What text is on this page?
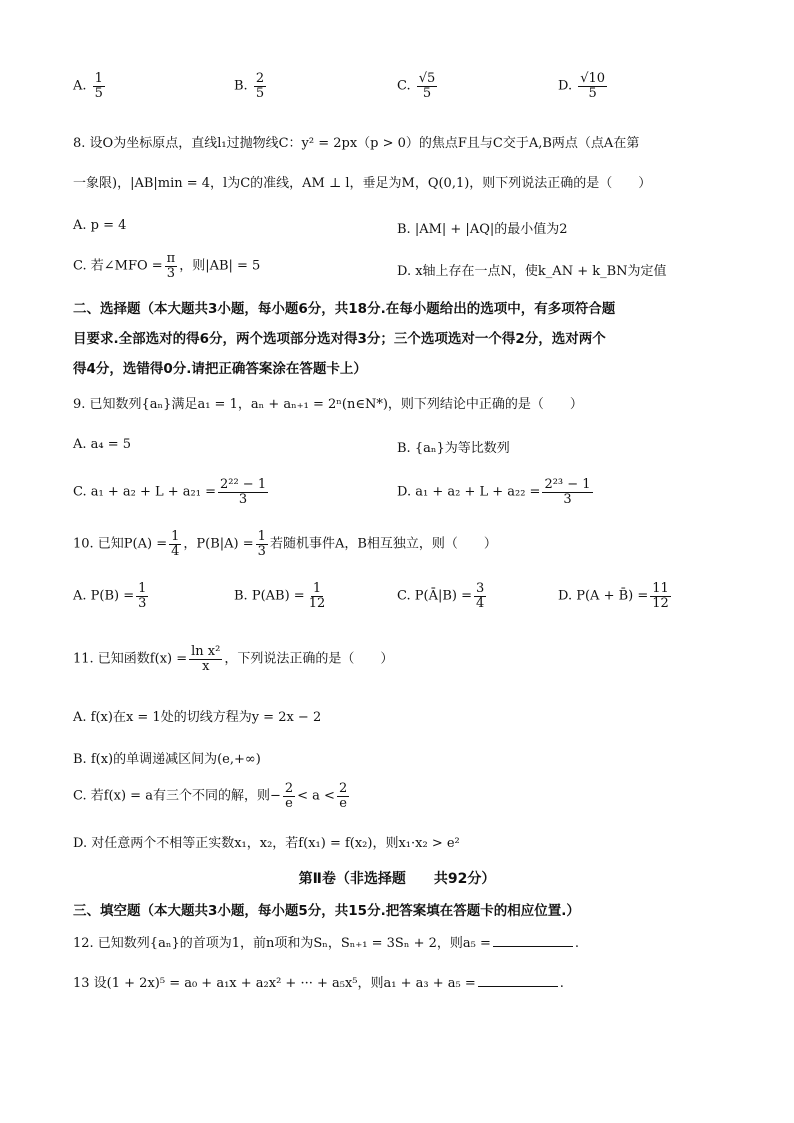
A. $\frac{1}{5}$	B. $\frac{2}{5}$	C. $\frac{√5}{5}$	D. $\frac{√10}{5}$
8. 设O为坐标原点，直线l₁过抛物线C：y² = 2px（p > 0）的焦点F且与C交于A,B两点（点A在第
一象限)，|AB|min = 4，l为C的准线，AM ⊥ l，垂足为M，Q(0,1)，则下列说法正确的是（　　）
A. p = 4	B. |AM| + |AQ|的最小值为2
C. 若∠MFO = $\frac{\pi}{3}$ ，则|AB| = 5	D. x轴上存在一点N，使k_AN + k_BN为定值
二、选择题（本大题共3小题，每小题6分，共18分.在每小题给出的选项中，有多项符合题
目要求.全部选对的得6分，两个选项部分选对得3分；三个选项选对一个得2分，选对两个
得4分，选错得0分.请把正确答案涂在答题卡上）
9. 已知数列{aₙ}满足a₁ = 1，aₙ + aₙ₊₁ = 2ⁿ(n∈N*)，则下列结论中正确的是（　　）
A. a₄ = 5	B. {aₙ}为等比数列
C. $a_1 + a_2 + L + a_{21} = \frac{\text{2²² − 1}}{3}$	D. $a_1 + a_2 + L + a_{22} = \frac{\text{2²³ − 1}}{3}$
10. 已知$P(A) = \frac{1}{4}$ ，$P(B|A) = \frac{1}{3}$ 若随机事件A，B相互独立，则（　　）
A. $P(B) = \frac{1}{3}$	B. $P(AB) = \frac{1}{12}$	C. P(Ā|B) = $\frac{3}{4}$	D. P(A + B̄) = $\frac{11}{12}$
11. 已知函数$f(x) = \frac{\text{ln x²}}{x}$ ，下列说法正确的是（　　）
A. f(x)在x = 1处的切线方程为y = 2x − 2
B. f(x)的单调递减区间为(e,+∞)
C. 若f(x) = a有三个不同的解，则− $\frac{2}{e} < a < \frac{2}{e}$
D. 对任意两个不相等正实数x₁，x₂，若f(x₁) = f(x₂)，则x₁·x₂ > e²
第Ⅱ卷（非选择题　　共92分）
三、填空题（本大题共3小题，每小题5分，共15分.把答案填在答题卡的相应位置.）
12. 已知数列{aₙ}的首项为1，前n项和为Sₙ，Sₙ₊₁ = 3Sₙ + 2，则a₅ =	.
13 设(1 + 2x)⁵ = a₀ + a₁x + a₂x² + ··· + a₅x⁵，则a₁ + a₃ + a₅ =	.
